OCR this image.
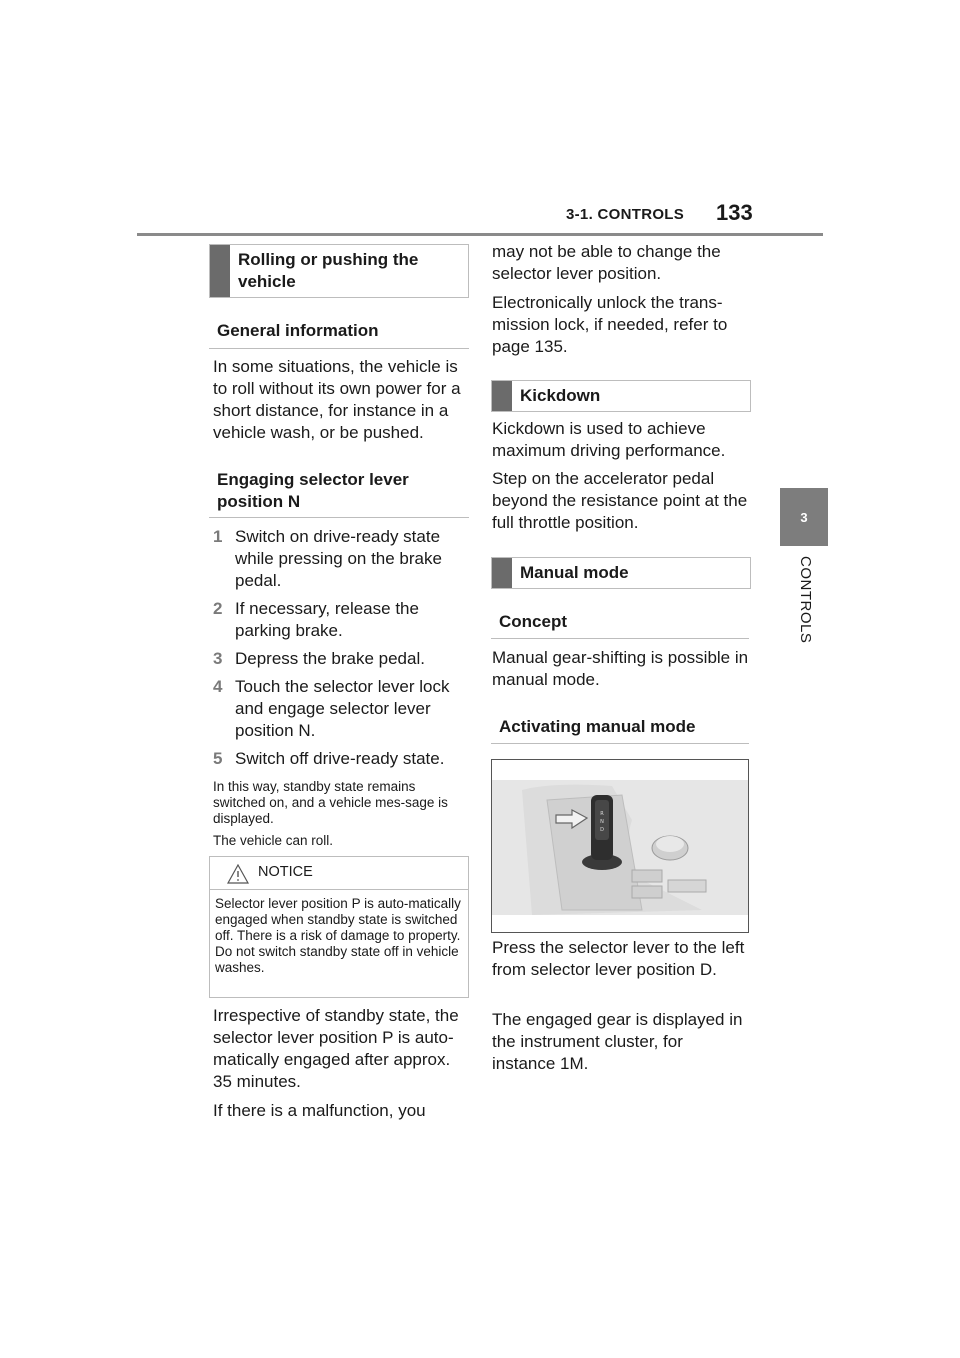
3-1. CONTROLS 133
3
CONTROLS
Rolling or pushing the vehicle
General information
In some situations, the vehicle is to roll without its own power for a short distance, for instance in a vehicle wash, or be pushed.
Engaging selector lever position N
1 Switch on drive-ready state while pressing on the brake pedal.
2 If necessary, release the parking brake.
3 Depress the brake pedal.
4 Touch the selector lever lock and engage selector lever position N.
5 Switch off drive-ready state.
In this way, standby state remains switched on, and a vehicle mes-sage is displayed.
The vehicle can roll.
NOTICE
Selector lever position P is auto-matically engaged when standby state is switched off. There is a risk of damage to property. Do not switch standby state off in vehicle washes.
Irrespective of standby state, the selector lever position P is auto-matically engaged after approx. 35 minutes.
If there is a malfunction, you
may not be able to change the selector lever position.
Electronically unlock the trans-mission lock, if needed, refer to page 135.
Kickdown
Kickdown is used to achieve maximum driving performance.
Step on the accelerator pedal beyond the resistance point at the full throttle position.
Manual mode
Concept
Manual gear-shifting is possible in manual mode.
Activating manual mode
R
N
D
Press the selector lever to the left from selector lever position D.
The engaged gear is displayed in the instrument cluster, for instance 1M.
